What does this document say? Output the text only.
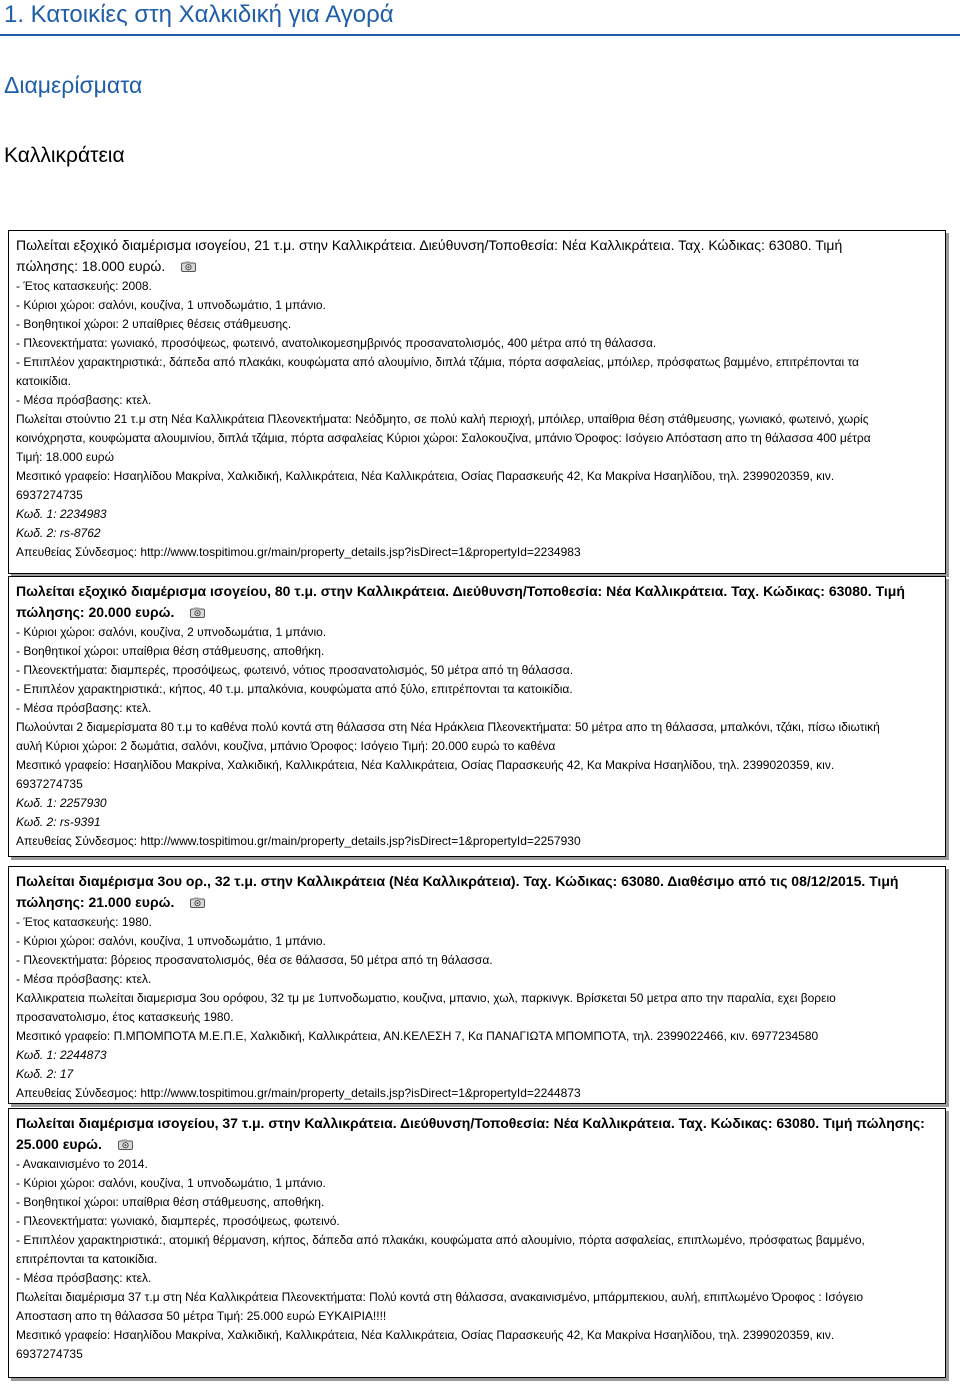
1. Κατοικίες στη Χαλκιδική για Αγορά
Διαμερίσματα
Καλλικράτεια
Πωλείται εξοχικό διαμέρισμα ισογείου, 21 τ.μ. στην Καλλικράτεια. Διεύθυνση/Τοποθεσία: Νέα Καλλικράτεια. Ταχ. Κώδικας: 63080. Τιμή
πώλησης: 18.000 ευρώ.
- Έτος κατασκευής: 2008.
- Κύριοι χώροι: σαλόνι, κουζίνα, 1 υπνοδωμάτιο, 1 μπάνιο.
- Βοηθητικοί χώροι: 2 υπαίθριες θέσεις στάθμευσης.
- Πλεονεκτήματα: γωνιακό, προσόψεως, φωτεινό, ανατολικομεσημβρινός προσανατολισμός, 400 μέτρα από τη θάλασσα.
- Επιπλέον χαρακτηριστικά:, δάπεδα από πλακάκι, κουφώματα από αλουμίνιο, διπλά τζάμια, πόρτα ασφαλείας, μπόιλερ, πρόσφατως βαμμένο, επιτρέπονται τα
κατοικίδια.
- Μέσα πρόσβασης: κτελ.
Πωλείται στούντιο 21 τ.μ στη Νέα Καλλικράτεια Πλεονεκτήματα: Νεόδμητο, σε πολύ καλή περιοχή, μπόιλερ, υπαίθρια θέση στάθμευσης, γωνιακό, φωτεινό, χωρίς
κοινόχρηστα, κουφώματα αλουμινίου, διπλά τζάμια, πόρτα ασφαλείας Κύριοι χώροι: Σαλοκουζίνα, μπάνιο Όροφος: Ισόγειο Απόσταση απο τη θάλασσα 400 μέτρα
Τιμή: 18.000 ευρώ
Μεσιτικό γραφείο: Ησαηλίδου Μακρίνα, Χαλκιδική, Καλλικράτεια, Νέα Καλλικράτεια, Οσίας Παρασκευής 42, Κα Μακρίνα Ησαηλίδου, τηλ. 2399020359, κιν.
6937274735
Κωδ. 1: 2234983
Κωδ. 2: rs-8762
Απευθείας Σύνδεσμος: http://www.tospitimou.gr/main/property_details.jsp?isDirect=1&propertyId=2234983
Πωλείται εξοχικό διαμέρισμα ισογείου, 80 τ.μ. στην Καλλικράτεια. Διεύθυνση/Τοποθεσία: Νέα Καλλικράτεια. Ταχ. Κώδικας: 63080. Τιμή
πώλησης: 20.000 ευρώ.
- Κύριοι χώροι: σαλόνι, κουζίνα, 2 υπνοδωμάτια, 1 μπάνιο.
- Βοηθητικοί χώροι: υπαίθρια θέση στάθμευσης, αποθήκη.
- Πλεονεκτήματα: διαμπερές, προσόψεως, φωτεινό, νότιος προσανατολισμός, 50 μέτρα από τη θάλασσα.
- Επιπλέον χαρακτηριστικά:, κήπος, 40 τ.μ. μπαλκόνια, κουφώματα από ξύλο, επιτρέπονται τα κατοικίδια.
- Μέσα πρόσβασης: κτελ.
Πωλούνται 2 διαμερίσματα 80 τ.μ το καθένα πολύ κοντά στη θάλασσα στη Νέα Ηράκλεια Πλεονεκτήματα: 50 μέτρα απο τη θάλασσα, μπαλκόνι, τζάκι, πίσω ιδιωτική
αυλή Κύριοι χώροι: 2 δωμάτια, σαλόνι, κουζίνα, μπάνιο Όροφος: Ισόγειο Τιμή: 20.000 ευρώ το καθένα
Μεσιτικό γραφείο: Ησαηλίδου Μακρίνα, Χαλκιδική, Καλλικράτεια, Νέα Καλλικράτεια, Οσίας Παρασκευής 42, Κα Μακρίνα Ησαηλίδου, τηλ. 2399020359, κιν.
6937274735
Κωδ. 1: 2257930
Κωδ. 2: rs-9391
Απευθείας Σύνδεσμος: http://www.tospitimou.gr/main/property_details.jsp?isDirect=1&propertyId=2257930
Πωλείται διαμέρισμα 3ου ορ., 32 τ.μ. στην Καλλικράτεια (Νέα Καλλικράτεια). Ταχ. Κώδικας: 63080. Διαθέσιμο από τις 08/12/2015. Τιμή
πώλησης: 21.000 ευρώ.
- Έτος κατασκευής: 1980.
- Κύριοι χώροι: σαλόνι, κουζίνα, 1 υπνοδωμάτιο, 1 μπάνιο.
- Πλεονεκτήματα: βόρειος προσανατολισμός, θέα σε θάλασσα, 50 μέτρα από τη θάλασσα.
- Μέσα πρόσβασης: κτελ.
Καλλικρατεια πωλείται διαμερισμα 3ου ορόφου, 32 τμ με 1υπνοδωματιο, κουζινα, μπανιο, χωλ, παρκινγκ. Βρίσκεται 50 μετρα απο την παραλία, εχει βορειο
προσανατολισμο, έτος κατασκευής 1980.
Μεσιτικό γραφείο: Π.ΜΠΟΜΠΟΤΑ Μ.Ε.Π.Ε, Χαλκιδική, Καλλικράτεια, ΑΝ.ΚΕΛΕΣΗ 7, Κα ΠΑΝΑΓΙΩΤΑ ΜΠΟΜΠΟΤΑ, τηλ. 2399022466, κιν. 6977234580
Κωδ. 1: 2244873
Κωδ. 2: 17
Απευθείας Σύνδεσμος: http://www.tospitimou.gr/main/property_details.jsp?isDirect=1&propertyId=2244873
Πωλείται διαμέρισμα ισογείου, 37 τ.μ. στην Καλλικράτεια. Διεύθυνση/Τοποθεσία: Νέα Καλλικράτεια. Ταχ. Κώδικας: 63080. Τιμή πώλησης:
25.000 ευρώ.
- Ανακαινισμένο το 2014.
- Κύριοι χώροι: σαλόνι, κουζίνα, 1 υπνοδωμάτιο, 1 μπάνιο.
- Βοηθητικοί χώροι: υπαίθρια θέση στάθμευσης, αποθήκη.
- Πλεονεκτήματα: γωνιακό, διαμπερές, προσόψεως, φωτεινό.
- Επιπλέον χαρακτηριστικά:, ατομική θέρμανση, κήπος, δάπεδα από πλακάκι, κουφώματα από αλουμίνιο, πόρτα ασφαλείας, επιπλωμένο, πρόσφατως βαμμένο,
επιτρέπονται τα κατοικίδια.
- Μέσα πρόσβασης: κτελ.
Πωλείται διαμέρισμα 37 τ.μ στη Νέα Καλλικράτεια Πλεονεκτήματα: Πολύ κοντά στη θάλασσα, ανακαινισμένο, μπάρμπεκιου, αυλή, επιπλωμένο Όροφος : Ισόγειο
Αποσταση απο τη θάλασσα 50 μέτρα Τιμή: 25.000 ευρώ ΕΥΚΑΙΡΙΑ!!!!
Μεσιτικό γραφείο: Ησαηλίδου Μακρίνα, Χαλκιδική, Καλλικράτεια, Νέα Καλλικράτεια, Οσίας Παρασκευής 42, Κα Μακρίνα Ησαηλίδου, τηλ. 2399020359, κιν.
6937274735
